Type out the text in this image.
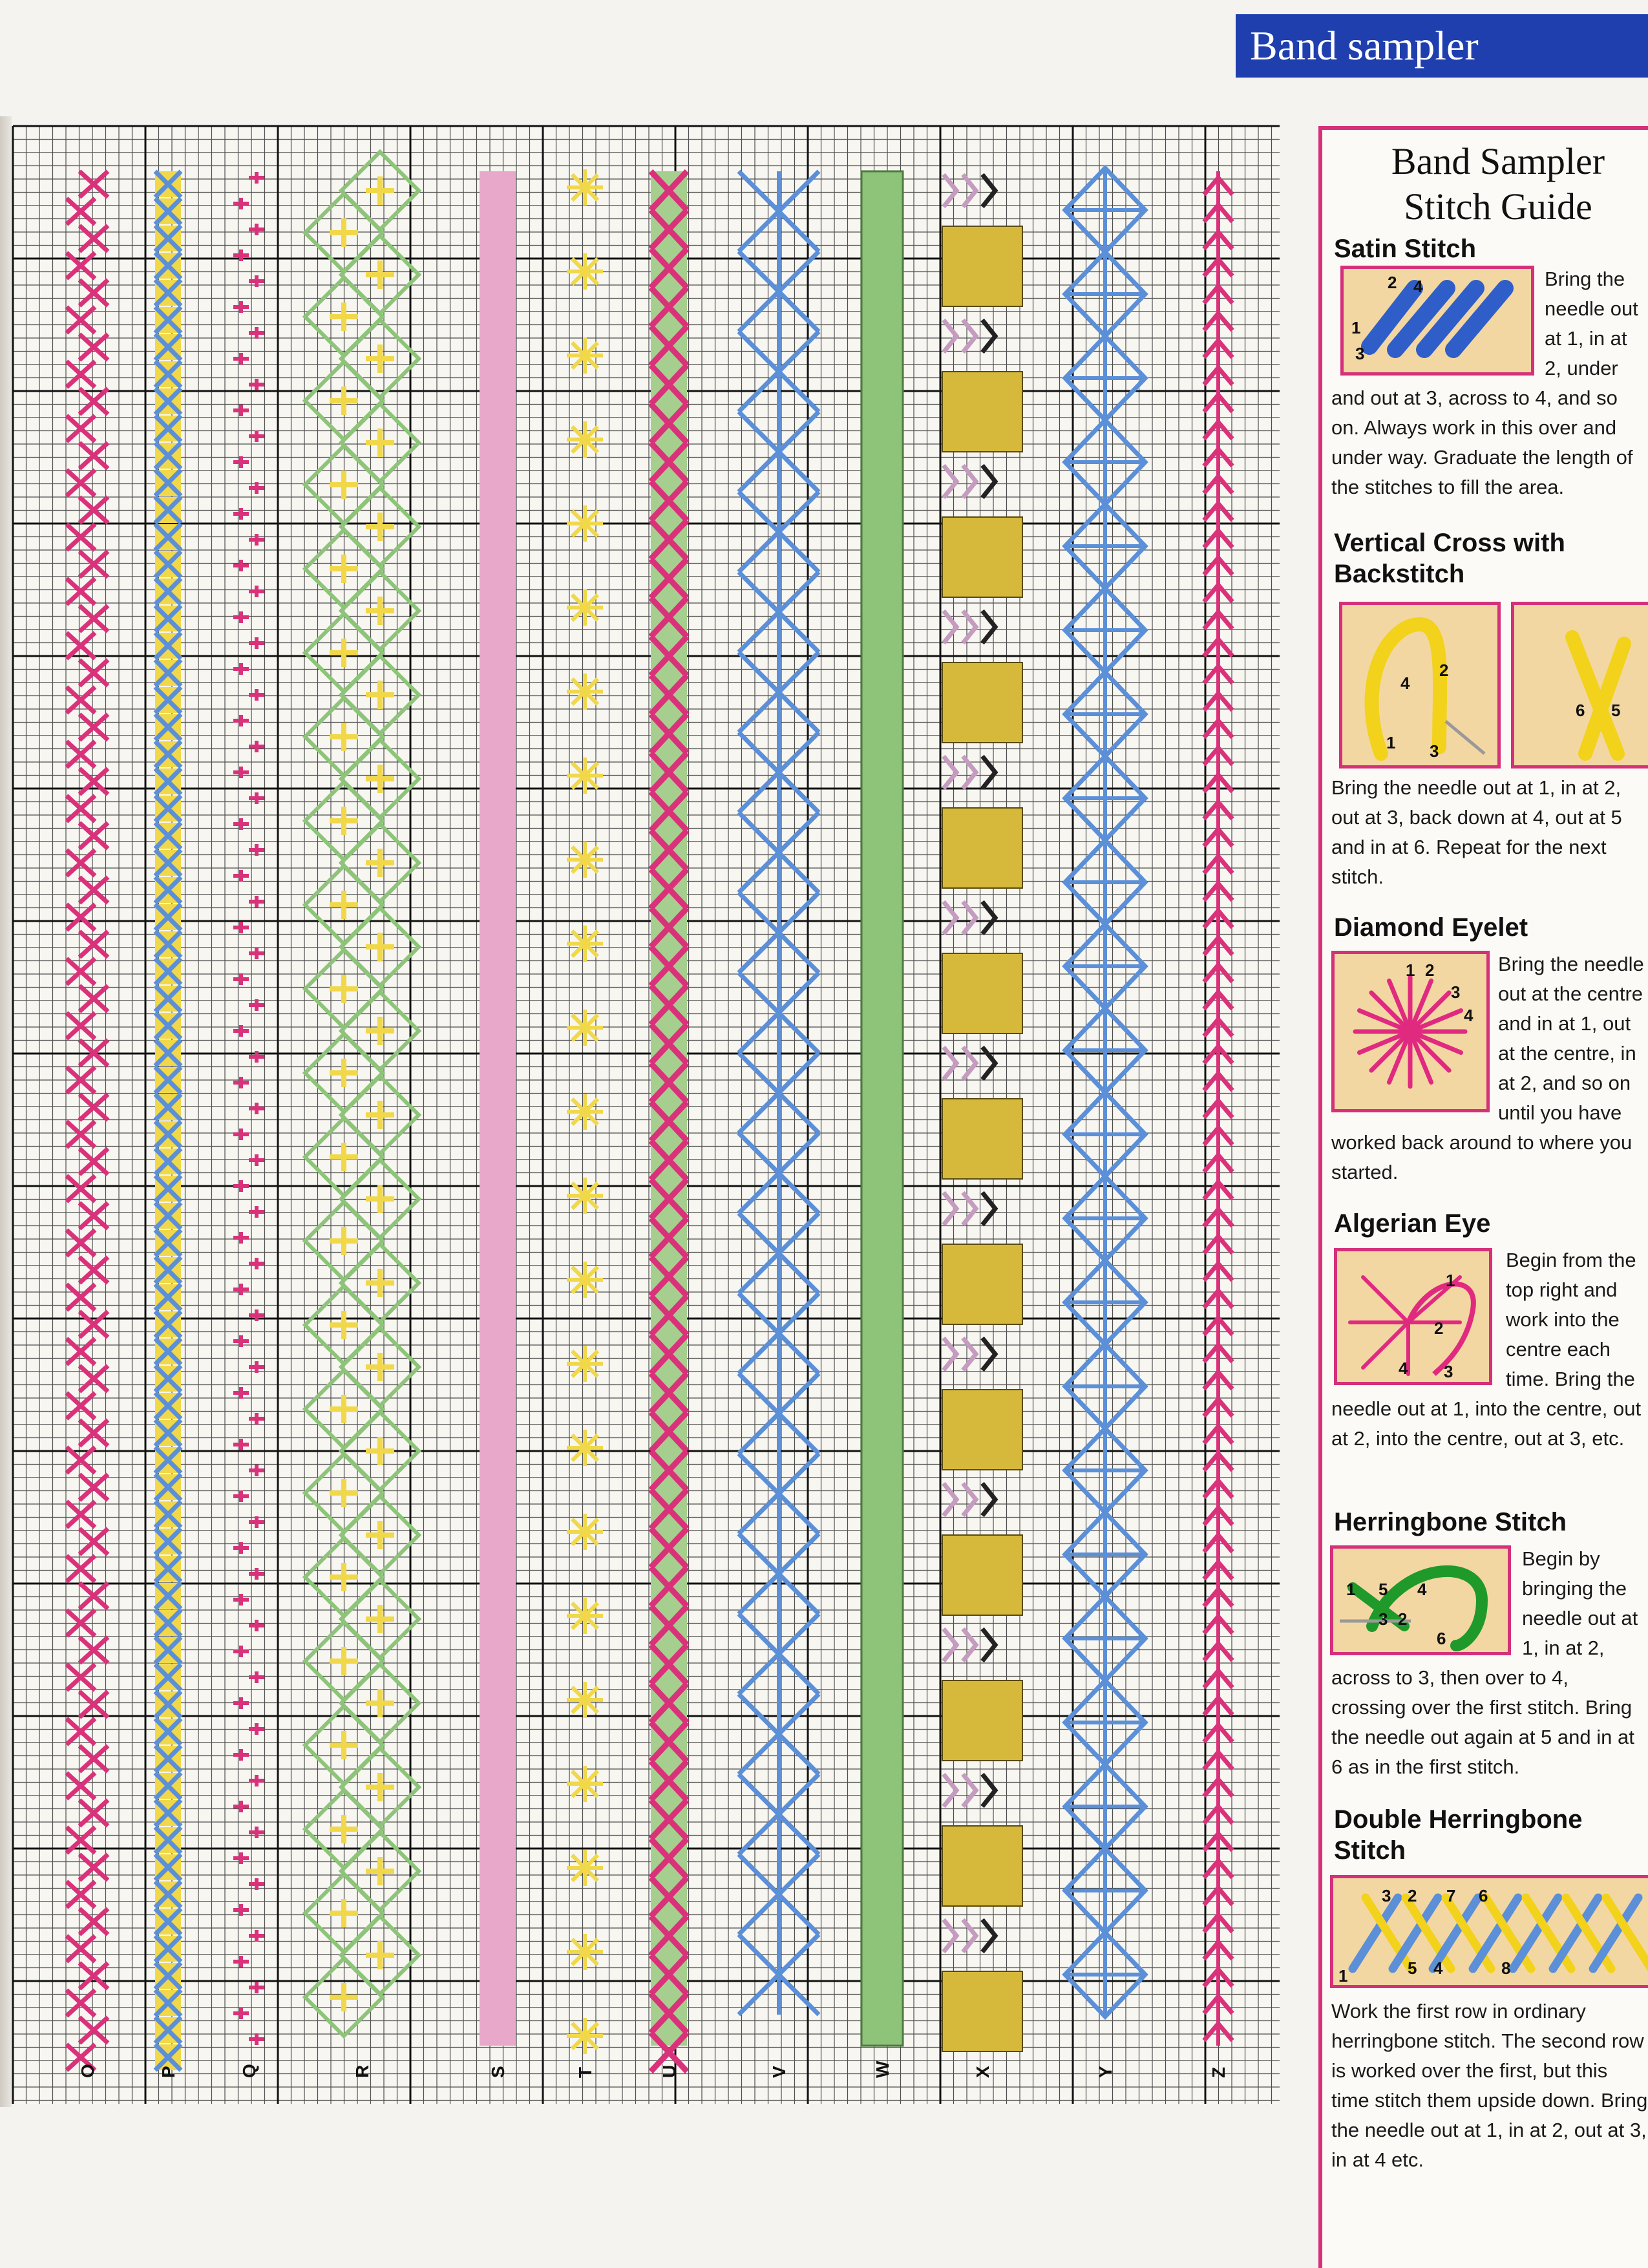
Band sampler
O	P	Q	R	S	T	U	V	W	X	Y	Z
Band Sampler Stitch Guide
Satin Stitch
1
2
3
4	Bring the needle out at 1, in at 2, under and out at 3, across to 4, and so on. Always work in this over and under way. Graduate the length of the stitches to fill the area.
Vertical Cross with Backstitch
1
2
3
4
5
6
Bring the needle out at 1, in at 2, out at 3, back down at 4, out at 5 and in at 6. Repeat for the next stitch.
Diamond Eyelet
1 2
3
4
Bring the needle out at the centre and in at 1, out at the centre, in at 2, and so on until you have worked back around to where you started.
Algerian Eye
1
2
3
4
Begin from the top right and work into the centre each time. Bring the needle out at 1, into the centre, out at 2, into the centre, out at 3, etc.
Herringbone Stitch
1
2
3
4
5
6
Begin by bringing the needle out at 1, in at 2, across to 3, then over to 4, crossing over the first stitch. Bring the needle out again at 5 and in at 6 as in the first stitch.
Double Herringbone Stitch
1
2
3
4
5
6
7
8
Work the first row in ordinary herringbone stitch. The second row is worked over the first, but this time stitch them upside down. Bring the needle out at 1, in at 2, out at 3, in at 4 etc.
